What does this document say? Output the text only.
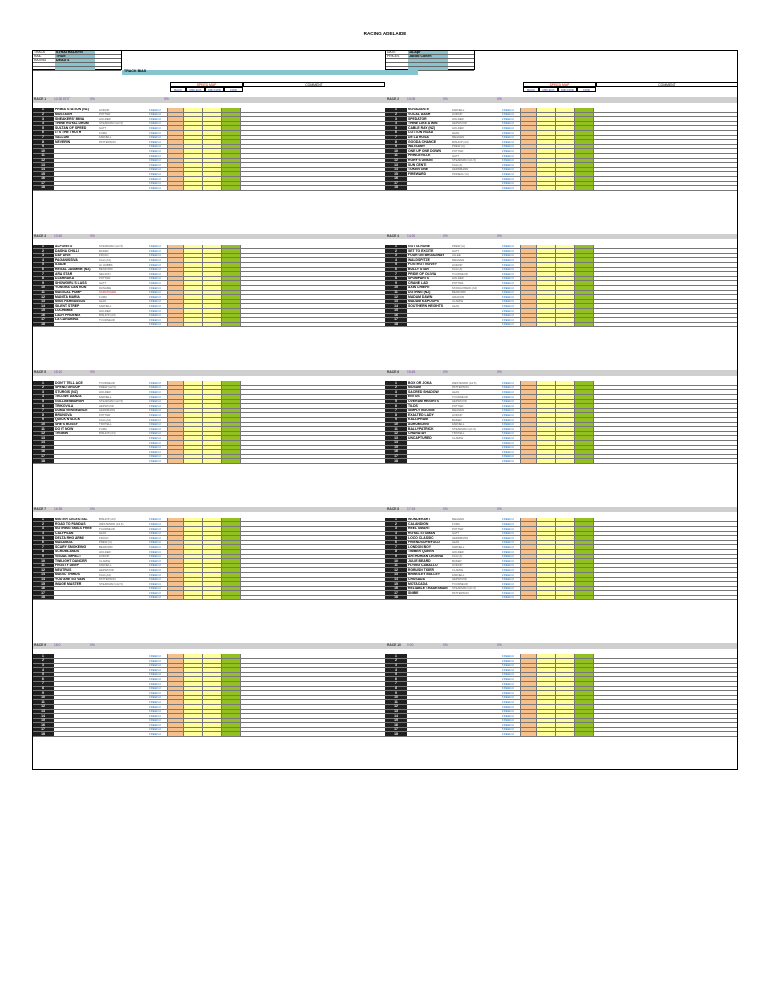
RACING ADELAIDE
TRACK	STRATHALBYN
RAIL	TRUE
RATING	DEAD 4
DATE	18-Apr
PRICES	Jacob Cohen
TRACK BIAS
SPEED MAP	COMMENT
BACK	MID ECK	MID FWD	FWD
SPEED MAP	COMMENT
BACK	MID ECK	MID FWD	FWD
RACE 1	12:30 EDT	0%	0%
1	PRIMA STATION (NZ)	LINDOP	FREED-0
2	MUSTAGH	POTTER	FREED-0
3	SNEAKERS' MINA	HOLDER	FREED-0
4	THINE ROYAL DRUM	STEADMAN (A2.5)	FREED-0
5	SULTAN OF SPEED	GATT	FREED-0
6	IT'S THE TRUTH	FUMA	FREED-0
7	VALLUM	FARNELL	FREED-0
8	NEVERIN	PATTERSON	FREED-0
9	FREED-0
10	FREED-0
11	FREED-0
12	FREED-0
13	FREED-0
14	FREED-0
15	FREED-0
16	FREED-0
17	FREED-0
18	FREED-0
RACE 2	13:05	0%	0%
1	NOVADANTE	FARNELL	FREED-0
2	VOCAL DASH	LINDOP	FREED-0
3	SPEDATOR	HOLDER	FREED-0
4	THINE LIKE A WIN	HEPWOOD	FREED-0
5	CABLE RAY (NZ)	HOLDER	FREED-0
6	COTTON ROAD	LEAN	FREED-0
7	DE LA ROSA	MEAGEN	FREED-0
8	GOODA CHANCE	BISHOP (A3)	FREED-0
9	WATSAMY	PREW (A)	FREED-0
10	ONE UP ONE DOWN	POTTER	FREED-0
11	PRINCEVILLE	GATT	FREED-0
12	RORY'S UNION	STEADMAN (A1.5)	FREED-0
13	SUN CENTI	KAH (A)	FREED-0
14	TOKEN ONE	HERRMANN	FREED-0
15	FIREWARD	PINNEAU (A)	FREED-0
16	FREED-0
17	FREED-0
18	FREED-0
RACE 3	13:40	0%
1	ALFONITO	STEADMAN (A2.5)	FREED-0
2	DASHA CHILLI	BAKER	FREED-0
3	DAY DIVE	FROLD	FREED-0
4	PAGANISSIVA	KAH (A4)	FREED-0
5	ILIADE	GI HOBBS	FREED-0
6	REGAL JASMINE (NZ)	BENFORD	FREED-0
7	ARA STAR	NELSON	FREED-0
8	DJARRAKA	POTTER	FREED-0
9	SHOWGIRL'S LASS	GATT	FREED-0
10	YONGRA CAN RUN	DUNAME	FREED-0
11	MAGICAL PUMP	SCRATCHED	FREED-0
12	MANITA MARIA	FUMA	FREED-0
13	MISS PARNASSUS	LEAN	FREED-0
14	SILENT STREP	FARNELL	FREED-0
15	LUCHIMBE	HOLDER	FREED-0
16	LADY PHOENIX	BISHOP (A3)	FREED-0
17	LA CARABINA	TOURNEUR	FREED-0
18	FREED-0
RACE 4	14:20	0%	0%
1	GOTTA RUNE	PREW (A)	FREED-0
2	SET TO EXCITE	GATT	FREED-0
3	FOUR ON BROADWAY	ALLEE	FREED-0
4	WALDSPITZE	MEAGEN	FREED-0
5	FOXTROT NOVEY	LINDOP	FREED-0
6	BULLY STAR	KAH (A)	FREED-0
7	PRIDE OF OLIVIA	TOURNEUR	FREED-0
8	SPUMPARTS	HOLDER	FREED-0
9	CRANE LAD	POTTER	FREED-0
10	AXIN CHIEFE	STANIA PREW (A3)	FREED-0
11	DOTHNG (NZ)	BENFORD	FREED-0
12	MADAM DAWN	GRAKOR	FREED-0
13	MADAM KAPOOPS	CLARKE	FREED-0
14	SOUTHERN HEIGHTS	LEAN	FREED-0
15	FREED-0
16	FREED-0
17	FREED-0
18	FREED-0
RACE 5	15:10	0%
1	DON'T TELL ACE	TOURNEUR	FREED-0
2	SPEND GROUP	PREW (A2.5)	FREED-0
3	STURGIS (NZ)	HOLDER	FREED-0
4	TELLWE DANZA	FARNELL	FREED-0
5	GULLBENBURGH	STEADMAN (A2.5)	FREED-0
6	TRIKOVILA	HEPWOOD	FREED-0
7	DUMA VENGEANCE	HERRMANN	FREED-0
8	BRUNOVA	POTTER	FREED-0
9	QUICK'N'SLICK	KAH (A4)	FREED-0
10	SHE'S BOSSY	TROTELL	FREED-0
11	DO IT NOW	FUMA	FREED-0
12	TROBIN	BISHOP (A3)	FREED-0
13	FREED-0
14	FREED-0
15	FREED-0
16	FREED-0
17	FREED-0
18	FREED-0
RACE 6	15:45	0%	0%
1	BOX OR JOKA	WESTENDR (A2.5)	FREED-0
2	MOSUM	PATTERSON	FREED-0
3	SACRED SHADOW	LEAN	FREED-0
4	ENTOS	TOURNEUR	FREED-0
5	OVERAM HEIGHTS	HEPWOOD	FREED-0
6	TILDS	POTTER	FREED-0
7	SIMPLY BOOGIE	MEAGEN	FREED-0
8	EXALTED LADY	LINDOP	FREED-0
9	KALLIPRAM	BAKER	FREED-0
10	AURUMCENT	FARNELL	FREED-0
11	BALLYPATRICK	STEADMAN (A1.5)	FREED-0
12	CHARATAY	TROTELL	FREED-0
13	UNCAPTURED	CLARKE	FREED-0
14	FREED-0
15	FREED-0
16	FREED-0
17	FREED-0
18	FREED-0
RACE 7	16:35	0%
1	MISTER CELESTIAL	BISHOP (A3)	FREED-0
2	ROAD TO PANDAS	WESTENDR (A2.5)	FREED-0
3	NOTHING SMILS FREE	TOURNEUR	FREED-0
4	CALYPSAN	LEAN	FREED-0
5	DELTA RHO ARMI	FROLD	FREED-0
6	MASANGA	PREW (A)	FREED-0
7	SCARY SMOKEING	BENFORD	FREED-0
8	SCRUMLANDS	HOLDER	FREED-0
9	VISUAL IMPACT	LINDOP	FREED-0
10	TWILIGHT DANCER	CLARKE	FREED-0
11	FROSTY DEEP	FARNELL	FREED-0
12	NEUTRUS	HEPWOOD	FREED-0
13	MAGIC THIRDS	KAH (A4)	FREED-0
14	YOU ARE SO VAIN	PATTERSON	FREED-0
15	IMAGE MASTER	STEADMAN (A2.5)	FREED-0
16	FREED-0
17	FREED-0
18	FREED-0
RACE 8	17:15	0%	0%
1	WONDERART	MEAGEN	FREED-0
2	CALANDIGN	FUMA	FREED-0
3	REEL SMART	POTTER	FREED-0
4	ROYAL STOMAN	GATT	FREED-0
5	LOCO CLASSIC	HERRMANN	FREED-0
6	FRIENDSOFMYOLD	LEAN	FREED-0
7	LONDON BOY	FARNELL	FREED-0
8	TIMBER QUEEN	HOLDER	FREED-0
9	ARTHURIAN LEGEND	KAH (A)	FREED-0
10	JULIE BEARD	BAKER	FREED-0
11	FLYING CABALLO	LINDOP	FREED-0
12	ROBUSN TIGER	CLARKE	FREED-0
13	BRINGLEY BULLEY	FARNELL	FREED-0
14	CRUSADA	HEPWOOD	FREED-0
15	MOTACADA	TOURNEUR	FREED-0
16	RELIABLE TRADESMAN	STEADMAN (A1.5)	FREED-0
17	SNIBE	PATTERSON	FREED-0
18	FREED-0
RACE 9	18:0	0%
1	FREED-0
2	FREED-0
3	FREED-0
4	FREED-0
5	FREED-0
6	FREED-0
7	FREED-0
8	FREED-0
9	FREED-0
10	FREED-0
11	FREED-0
12	FREED-0
13	FREED-0
14	FREED-0
15	FREED-0
16	FREED-0
17	FREED-0
18	FREED-0
RACE 10	0:00	0%	0%
1	FREED-0
2	FREED-0
3	FREED-0
4	FREED-0
5	FREED-0
6	FREED-0
7	FREED-0
8	FREED-0
9	FREED-0
10	FREED-0
11	FREED-0
12	FREED-0
13	FREED-0
14	FREED-0
15	FREED-0
16	FREED-0
17	FREED-0
18	FREED-0
